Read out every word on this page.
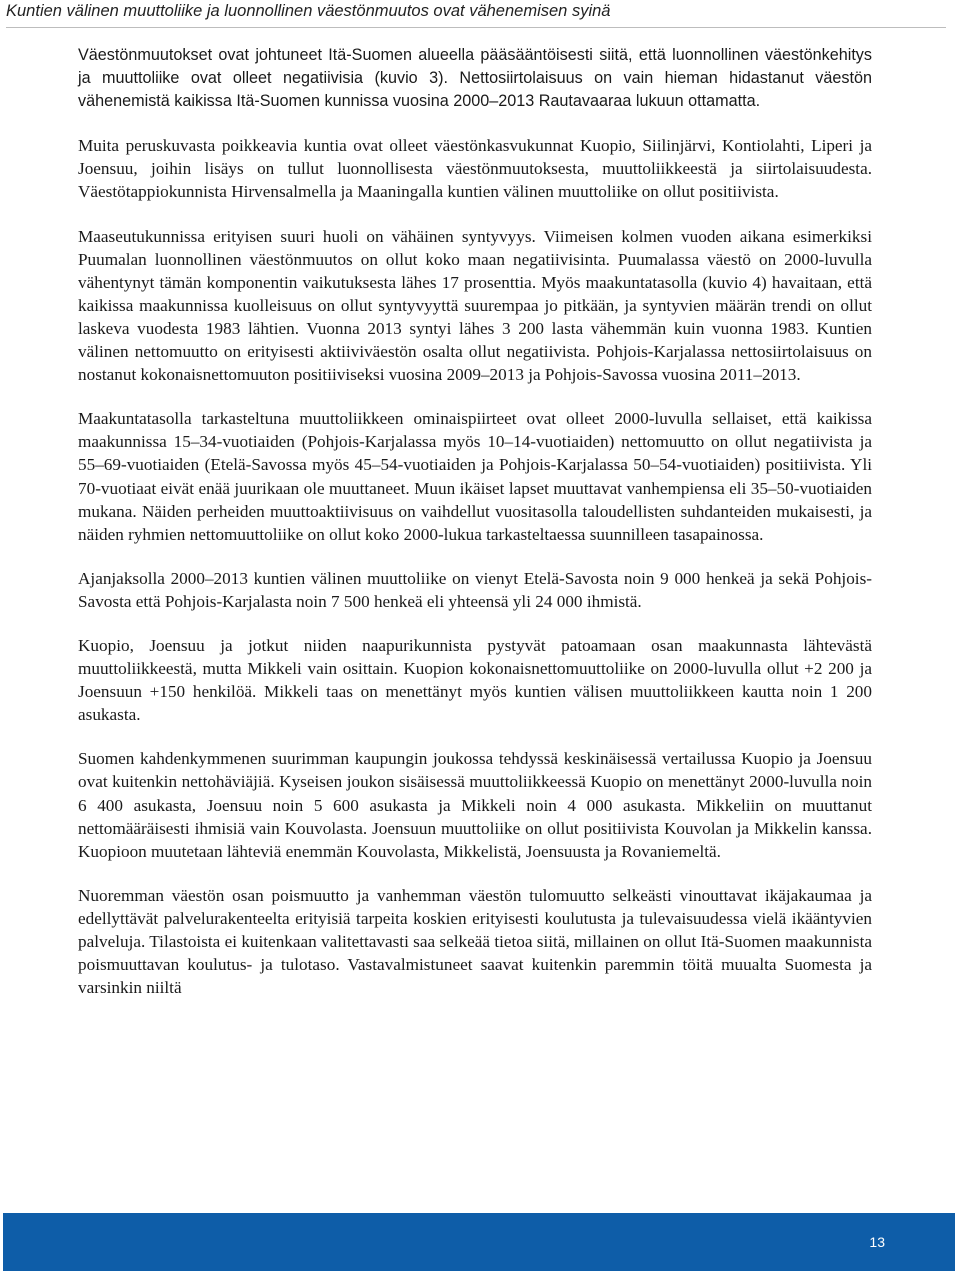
Kuntien välinen muuttoliike ja luonnollinen väestönmuutos ovat vähenemisen syinä

Väestönmuutokset ovat johtuneet Itä-Suomen alueella pääsääntöisesti siitä, että luonnollinen väestönkehitys ja muuttoliike ovat olleet negatiivisia (kuvio 3). Nettosiirtolaisuus on vain hieman hidastanut väestön vähenemistä kaikissa Itä-Suomen kunnissa vuosina 2000–2013 Rautavaaraa lukuun ottamatta.

Muita peruskuvasta poikkeavia kuntia ovat olleet väestönkasvukunnat Kuopio, Siilinjärvi, Kontiolahti, Liperi ja Joensuu, joihin lisäys on tullut luonnollisesta väestönmuutoksesta, muuttoliikkeestä ja siirtolaisuudesta. Väestötappiokunnista Hirvensalmella ja Maaningalla kuntien välinen muuttoliike on ollut positiivista.

Maaseutukunnissa erityisen suuri huoli on vähäinen syntyvyys. Viimeisen kolmen vuoden aikana esimerkiksi Puumalan luonnollinen väestönmuutos on ollut koko maan negatiivisinta. Puumalassa väestö on 2000-luvulla vähentynyt tämän komponentin vaikutuksesta lähes 17 prosenttia. Myös maakuntatasolla (kuvio 4) havaitaan, että kaikissa maakunnissa kuolleisuus on ollut syntyvyyttä suurempaa jo pitkään, ja syntyvien määrän trendi on ollut laskeva vuodesta 1983 lähtien. Vuonna 2013 syntyi lähes 3 200 lasta vähemmän kuin vuonna 1983. Kuntien välinen nettomuutto on erityisesti aktiiviväestön osalta ollut negatiivista. Pohjois-Karjalassa nettosiirtolaisuus on nostanut kokonaisnettomuuton positiiviseksi vuosina 2009–2013 ja Pohjois-Savossa vuosina 2011–2013.

Maakuntatasolla tarkasteltuna muuttoliikkeen ominaispiirteet ovat olleet 2000-luvulla sellaiset, että kaikissa maakunnissa 15–34-vuotiaiden (Pohjois-Karjalassa myös 10–14-vuotiaiden) nettomuutto on ollut negatiivista ja 55–69-vuotiaiden (Etelä-Savossa myös 45–54-vuotiaiden ja Pohjois-Karjalassa 50–54-vuotiaiden) positiivista. Yli 70-vuotiaat eivät enää juurikaan ole muuttaneet. Muun ikäiset lapset muuttavat vanhempiensa eli 35–50-vuotiaiden mukana. Näiden perheiden muuttoaktiivisuus on vaihdellut vuositasolla taloudellisten suhdanteiden mukaisesti, ja näiden ryhmien nettomuuttoliike on ollut koko 2000-lukua tarkasteltaessa suunnilleen tasapainossa.

Ajanjaksolla 2000–2013 kuntien välinen muuttoliike on vienyt Etelä-Savosta noin 9 000 henkeä ja sekä Pohjois-Savosta että Pohjois-Karjalasta noin 7 500 henkeä eli yhteensä yli 24 000 ihmistä.

Kuopio, Joensuu ja jotkut niiden naapurikunnista pystyvät patoamaan osan maakunnasta lähtevästä muuttoliikkeestä, mutta Mikkeli vain osittain. Kuopion kokonaisnettomuuttoliike on 2000-luvulla ollut +2 200 ja Joensuun +150 henkilöä. Mikkeli taas on menettänyt myös kuntien välisen muuttoliikkeen kautta noin 1 200 asukasta.

Suomen kahdenkymmenen suurimman kaupungin joukossa tehdyssä keskinäisessä vertailussa Kuopio ja Joensuu ovat kuitenkin nettohäviäjiä. Kyseisen joukon sisäisessä muuttoliikkeessä Kuopio on menettänyt 2000-luvulla noin 6 400 asukasta, Joensuu noin 5 600 asukasta ja Mikkeli noin 4 000 asukasta. Mikkeliin on muuttanut nettomääräisesti ihmisiä vain Kouvolasta. Joensuun muuttoliike on ollut positiivista Kouvolan ja Mikkelin kanssa. Kuopioon muutetaan lähteviä enemmän Kouvolasta, Mikkelistä, Joensuusta ja Rovaniemeltä.

Nuoremman väestön osan poismuutto ja vanhemman väestön tulomuutto selkeästi vinouttavat ikäjakaumaa ja edellyttävät palvelurakenteelta erityisiä tarpeita koskien erityisesti koulutusta ja tulevaisuudessa vielä ikääntyvien palveluja. Tilastoista ei kuitenkaan valitettavasti saa selkeää tietoa siitä, millainen on ollut Itä-Suomen maakunnista poismuuttavan koulutus- ja tulotaso. Vastavalmistuneet saavat kuitenkin paremmin töitä muualta Suomesta ja varsinkin niiltä

13
